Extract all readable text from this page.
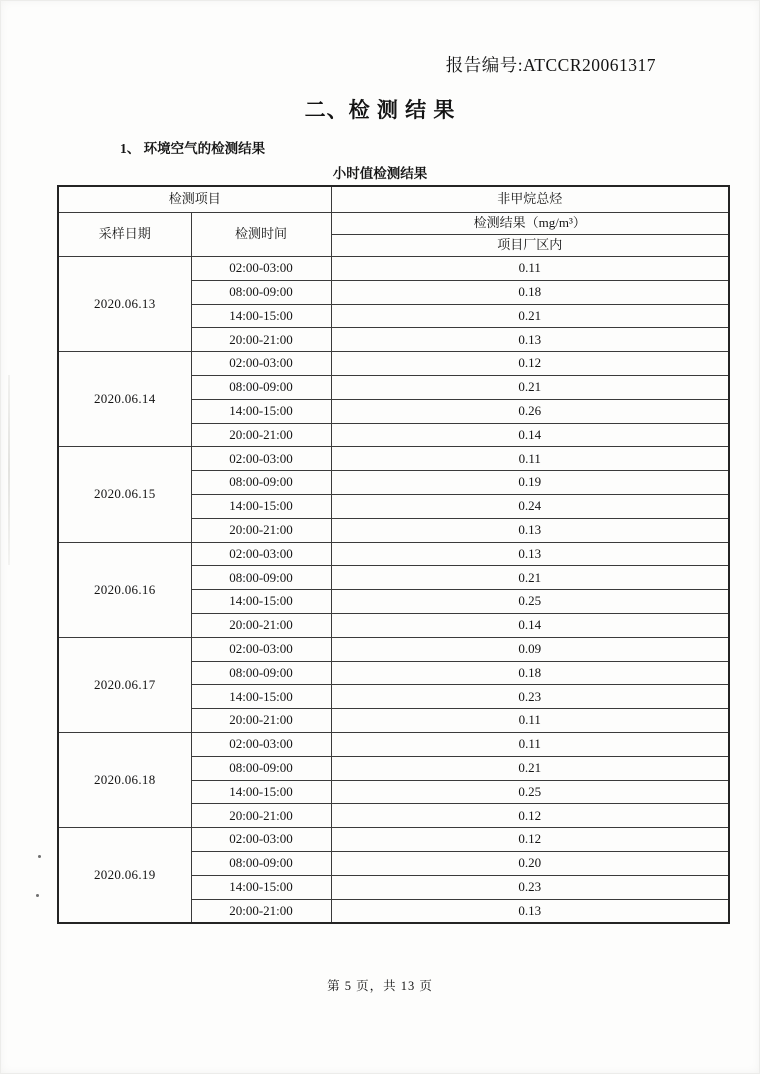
报告编号:ATCCR20061317
二、检 测 结 果
1、 环境空气的检测结果
小时值检测结果
检测项目		非甲烷总烃
采样日期	检测时间	检测结果（mg/m³）
		项目厂区内
2020.06.13	02:00-03:00	0.11
	08:00-09:00	0.18
	14:00-15:00	0.21
	20:00-21:00	0.13
2020.06.14	02:00-03:00	0.12
	08:00-09:00	0.21
	14:00-15:00	0.26
	20:00-21:00	0.14
2020.06.15	02:00-03:00	0.11
	08:00-09:00	0.19
	14:00-15:00	0.24
	20:00-21:00	0.13
2020.06.16	02:00-03:00	0.13
	08:00-09:00	0.21
	14:00-15:00	0.25
	20:00-21:00	0.14
2020.06.17	02:00-03:00	0.09
	08:00-09:00	0.18
	14:00-15:00	0.23
	20:00-21:00	0.11
2020.06.18	02:00-03:00	0.11
	08:00-09:00	0.21
	14:00-15:00	0.25
	20:00-21:00	0.12
2020.06.19	02:00-03:00	0.12
	08:00-09:00	0.20
	14:00-15:00	0.23
	20:00-21:00	0.13
第 5 页，共 13 页
